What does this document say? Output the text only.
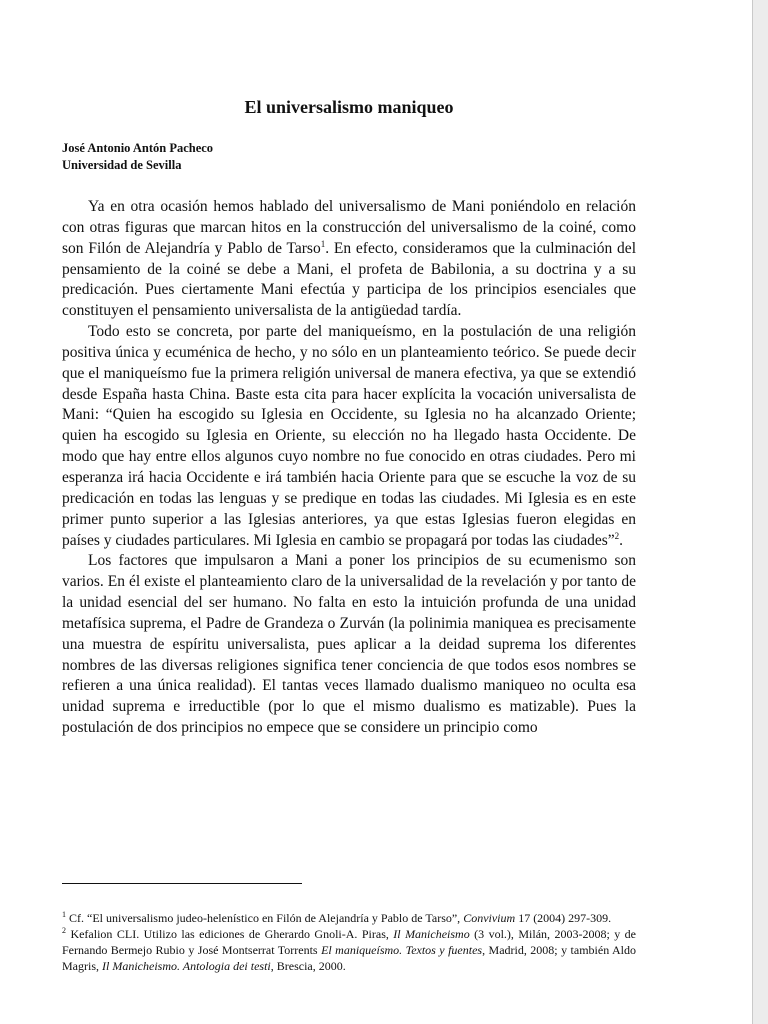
El universalismo maniqueo
José Antonio Antón Pacheco
Universidad de Sevilla

Ya en otra ocasión hemos hablado del universalismo de Mani poniéndolo en relación con otras figuras que marcan hitos en la construcción del universalismo de la coiné, como son Filón de Alejandría y Pablo de Tarso$^1$. En efecto, consideramos que la culminación del pensamiento de la coiné se debe a Mani, el profeta de Babilonia, a su doctrina y a su predicación. Pues ciertamente Mani efectúa y participa de los principios esenciales que constituyen el pensamiento universalista de la antigüedad tardía.

Todo esto se concreta, por parte del maniqueísmo, en la postulación de una religión positiva única y ecuménica de hecho, y no sólo en un planteamiento teórico. Se puede decir que el maniqueísmo fue la primera religión universal de manera efectiva, ya que se extendió desde España hasta China. Baste esta cita para hacer explícita la vocación universalista de Mani: “Quien ha escogido su Iglesia en Occidente, su Iglesia no ha alcanzado Oriente; quien ha escogido su Iglesia en Oriente, su elección no ha llegado hasta Occidente. De modo que hay entre ellos algunos cuyo nombre no fue conocido en otras ciudades. Pero mi esperanza irá hacia Occidente e irá también hacia Oriente para que se escuche la voz de su predicación en todas las lenguas y se predique en todas las ciudades. Mi Iglesia es en este primer punto superior a las Iglesias anteriores, ya que estas Iglesias fueron elegidas en países y ciudades particulares. Mi Iglesia en cambio se propagará por todas las ciudades”$^2$.

Los factores que impulsaron a Mani a poner los principios de su ecumenismo son varios. En él existe el planteamiento claro de la universalidad de la revelación y por tanto de la unidad esencial del ser humano. No falta en esto la intuición profunda de una unidad metafísica suprema, el Padre de Grandeza o Zurván (la polinimia maniquea es precisamente una muestra de espíritu universalista, pues aplicar a la deidad suprema los diferentes nombres de las diversas religiones significa tener conciencia de que todos esos nombres se refieren a una única realidad). El tantas veces llamado dualismo maniqueo no oculta esa unidad suprema e irreductible (por lo que el mismo dualismo es matizable). Pues la postulación de dos principios no empece que se considere un principio como

$^1$ Cf. “El universalismo judeo-helenístico en Filón de Alejandría y Pablo de Tarso”, Convivium 17 (2004) 297-309.

$^2$ Kefalion CLI. Utilizo las ediciones de Gherardo Gnoli-A. Piras, Il Manicheismo (3 vol.), Milán, 2003-2008; y de Fernando Bermejo Rubio y José Montserrat Torrents El maniqueísmo. Textos y fuentes, Madrid, 2008; y también Aldo Magris, Il Manicheismo. Antologia dei testi, Brescia, 2000.
